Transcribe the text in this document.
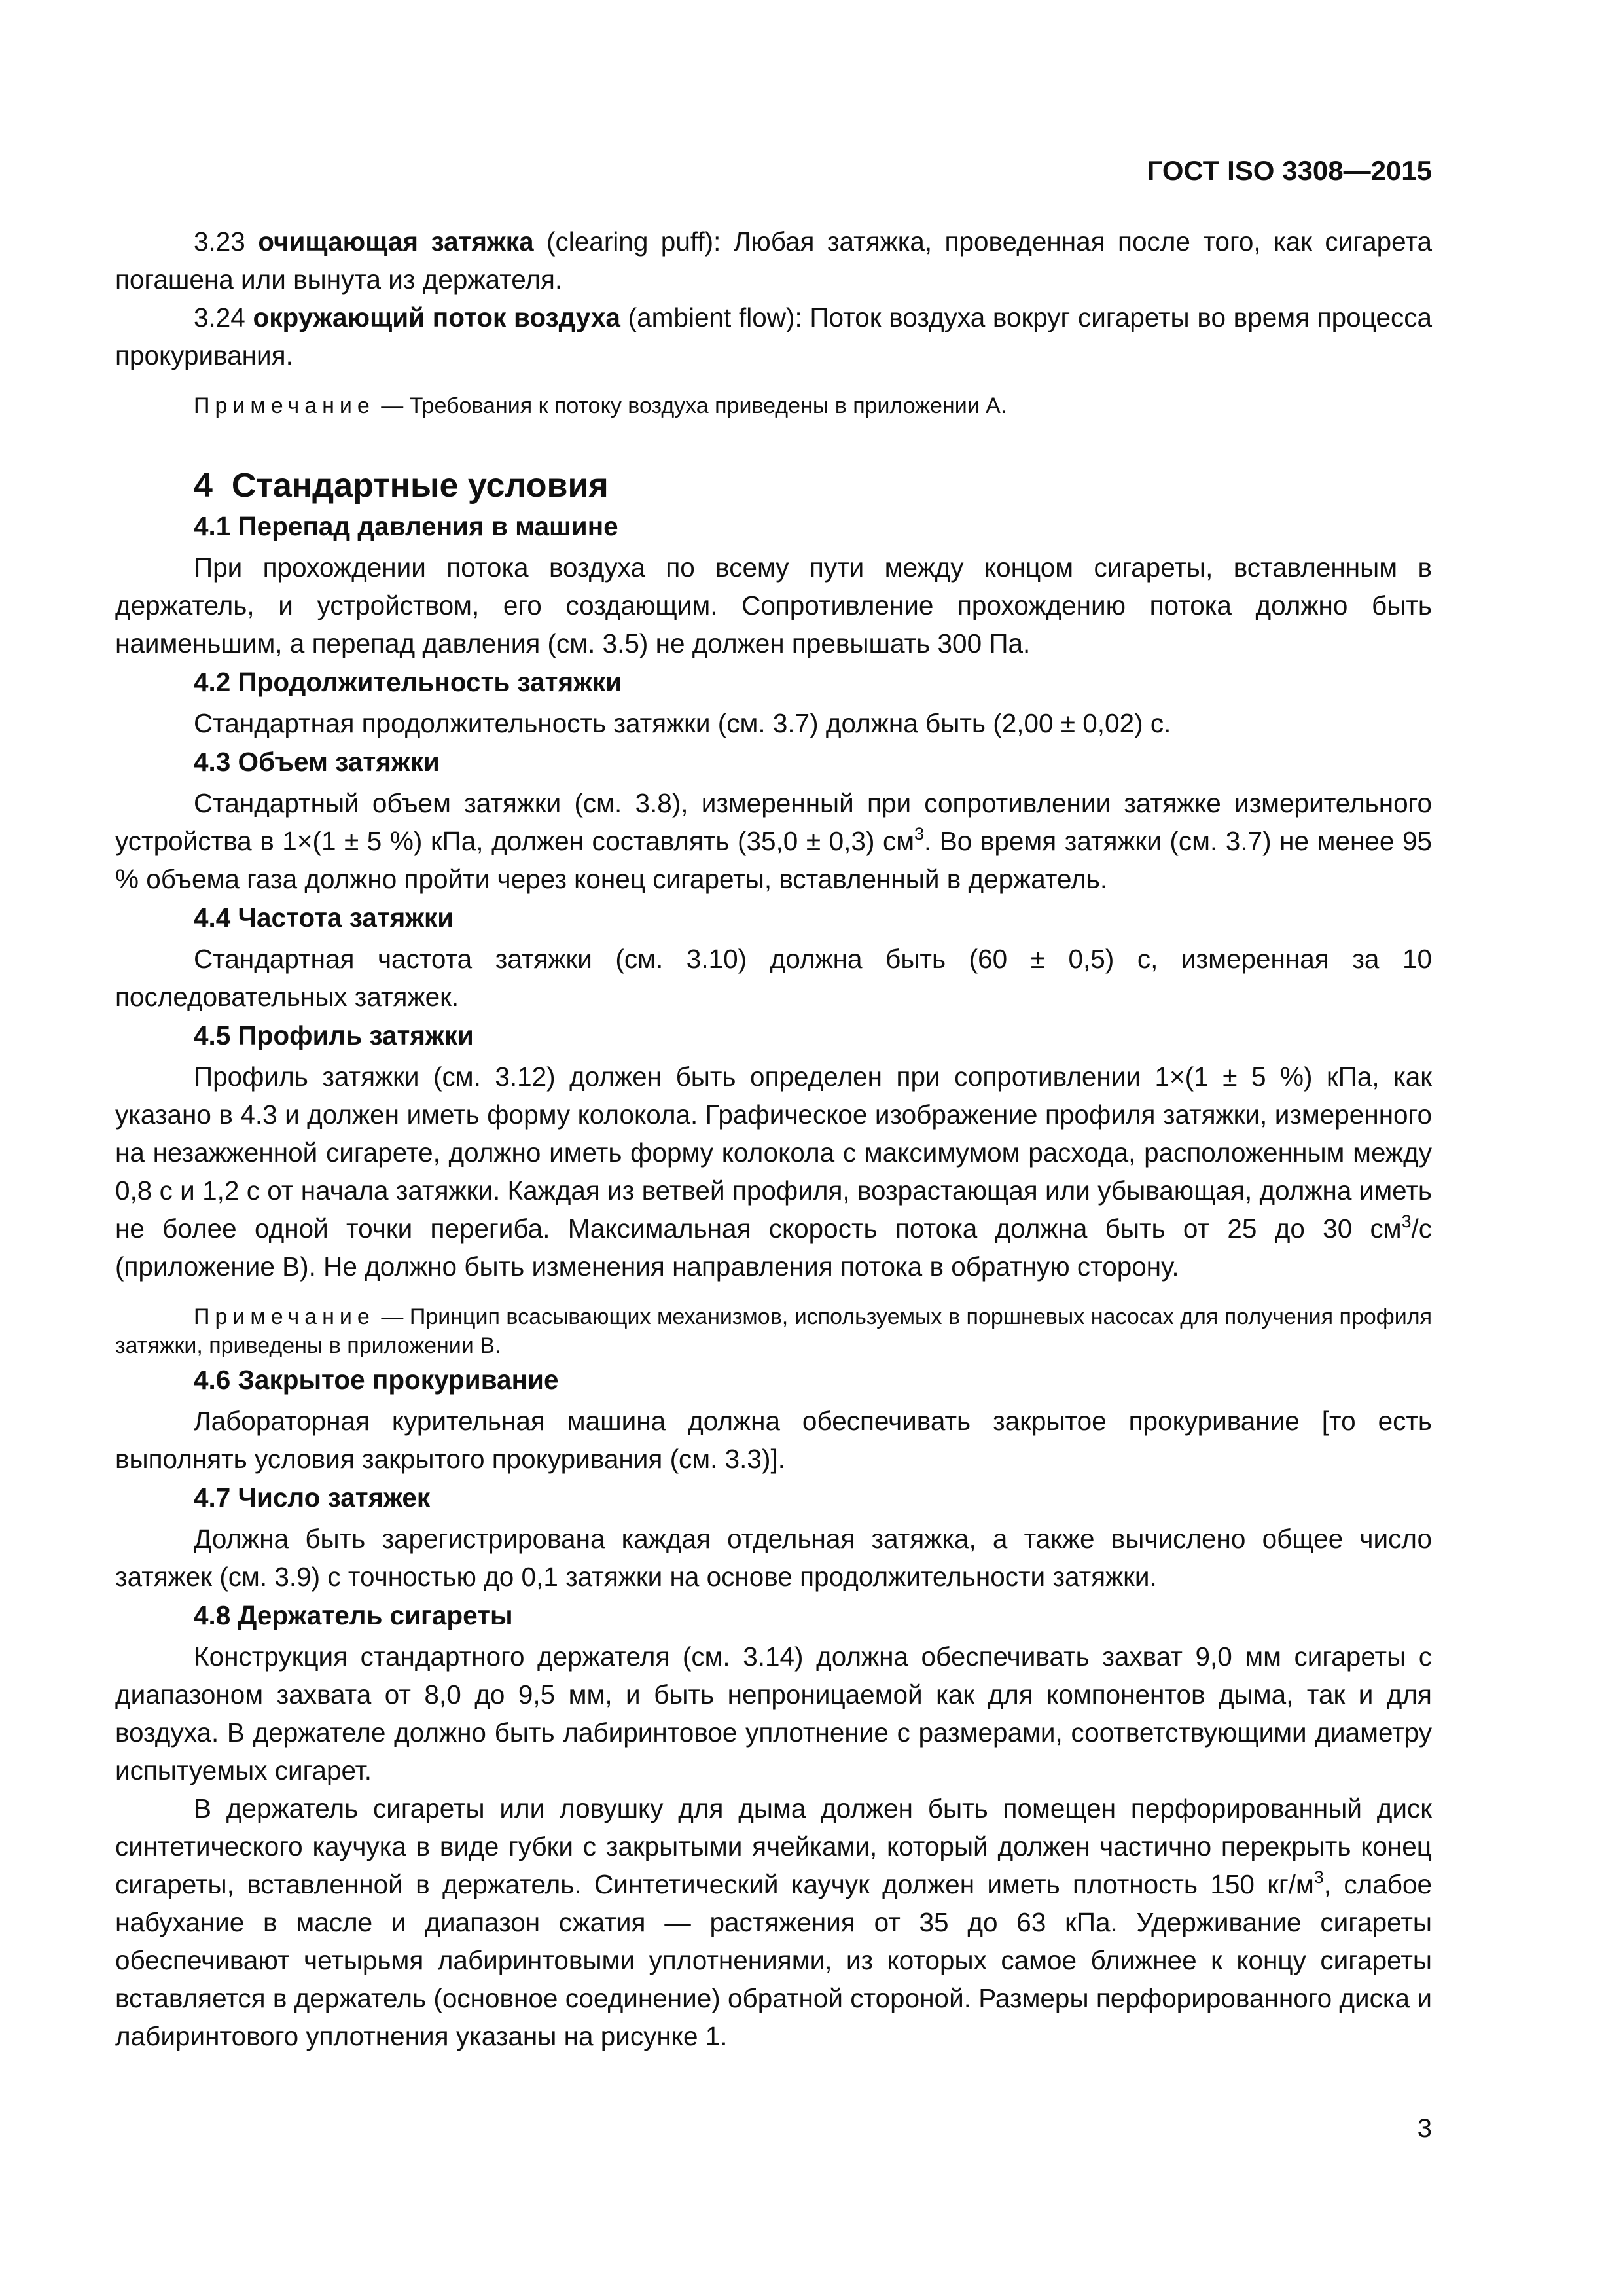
ГОСТ ISO 3308—2015

3.23 очищающая затяжка (clearing puff): Любая затяжка, проведенная после того, как сигарета погашена или вынута из держателя.

3.24 окружающий поток воздуха (ambient flow): Поток воздуха вокруг сигареты во время процесса прокуривания.

Примечание — Требования к потоку воздуха приведены в приложении А.

4 Стандартные условия
4.1 Перепад давления в машине

При прохождении потока воздуха по всему пути между концом сигареты, вставленным в держатель, и устройством, его создающим. Сопротивление прохождению потока должно быть наименьшим, а перепад давления (см. 3.5) не должен превышать 300 Па.

4.2 Продолжительность затяжки

Стандартная продолжительность затяжки (см. 3.7) должна быть (2,00 ± 0,02) с.

4.3 Объем затяжки

Стандартный объем затяжки (см. 3.8), измеренный при сопротивлении затяжке измерительного устройства в 1×(1 ± 5 %) кПа, должен составлять (35,0 ± 0,3) $см^3$. Во время затяжки (см. 3.7) не менее 95 % объема газа должно пройти через конец сигареты, вставленный в держатель.

4.4 Частота затяжки

Стандартная частота затяжки (см. 3.10) должна быть (60 ± 0,5) с, измеренная за 10 последовательных затяжек.

4.5 Профиль затяжки

Профиль затяжки (см. 3.12) должен быть определен при сопротивлении 1×(1 ± 5 %) кПа, как указано в 4.3 и должен иметь форму колокола. Графическое изображение профиля затяжки, измеренного на незажженной сигарете, должно иметь форму колокола с максимумом расхода, расположенным между 0,8 с и 1,2 с от начала затяжки. Каждая из ветвей профиля, возрастающая или убывающая, должна иметь не более одной точки перегиба. Максимальная скорость потока должна быть от 25 до 30 $см^3/с$ (приложение В). Не должно быть изменения направления потока в обратную сторону.

Примечание — Принцип всасывающих механизмов, используемых в поршневых насосах для получения профиля затяжки, приведены в приложении В.

4.6 Закрытое прокуривание

Лабораторная курительная машина должна обеспечивать закрытое прокуривание [то есть выполнять условия закрытого прокуривания (см. 3.3)].

4.7 Число затяжек

Должна быть зарегистрирована каждая отдельная затяжка, а также вычислено общее число затяжек (см. 3.9) с точностью до 0,1 затяжки на основе продолжительности затяжки.

4.8 Держатель сигареты

Конструкция стандартного держателя (см. 3.14) должна обеспечивать захват 9,0 мм сигареты с диапазоном захвата от 8,0 до 9,5 мм, и быть непроницаемой как для компонентов дыма, так и для воздуха. В держателе должно быть лабиринтовое уплотнение с размерами, соответствующими диаметру испытуемых сигарет.

В держатель сигареты или ловушку для дыма должен быть помещен перфорированный диск синтетического каучука в виде губки с закрытыми ячейками, который должен частично перекрыть конец сигареты, вставленной в держатель. Синтетический каучук должен иметь плотность 150 $кг/м^3$, слабое набухание в масле и диапазон сжатия — растяжения от 35 до 63 кПа. Удерживание сигареты обеспечивают четырьмя лабиринтовыми уплотнениями, из которых самое ближнее к концу сигареты вставляется в держатель (основное соединение) обратной стороной. Размеры перфорированного диска и лабиринтового уплотнения указаны на рисунке 1.

3
